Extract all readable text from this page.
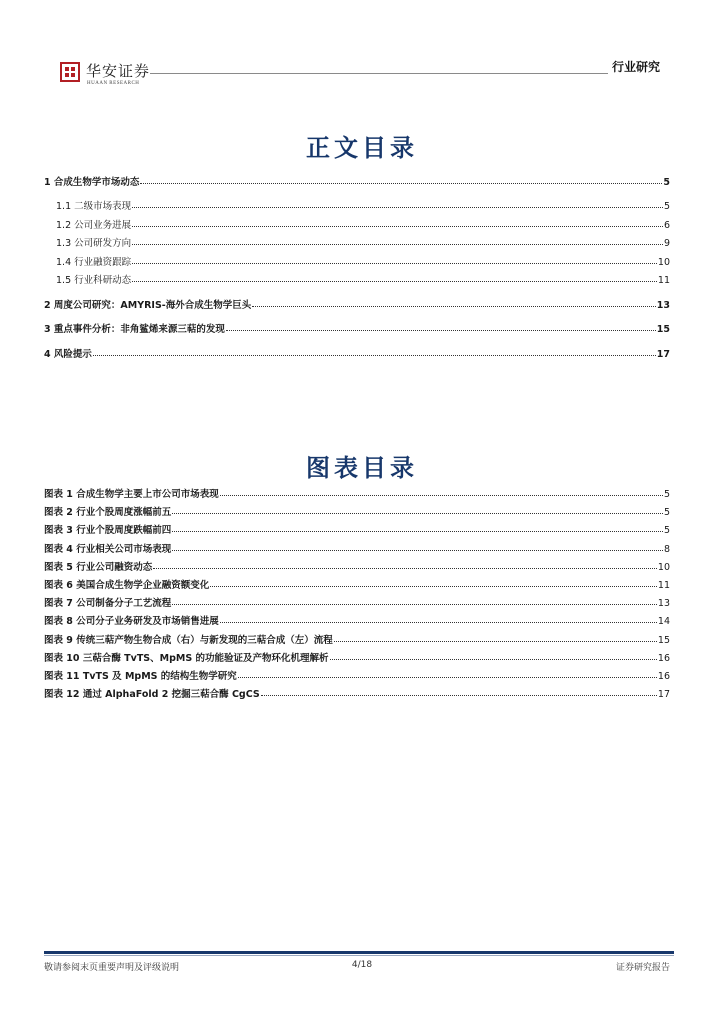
华安证券
HUAAN RESEARCH
行业研究
正文目录
1 合成生物学市场动态	5
1.1 二级市场表现	5
1.2 公司业务进展	6
1.3 公司研发方向	9
1.4 行业融资跟踪	10
1.5 行业科研动态	11
2 周度公司研究：AMYRIS-海外合成生物学巨头	13
3 重点事件分析：非角鲨烯来源三萜的发现	15
4 风险提示	17
图表目录
图表 1 合成生物学主要上市公司市场表现	5
图表 2 行业个股周度涨幅前五	5
图表 3 行业个股周度跌幅前四	5
图表 4 行业相关公司市场表现	8
图表 5 行业公司融资动态	10
图表 6 美国合成生物学企业融资额变化	11
图表 7 公司制备分子工艺流程	13
图表 8 公司分子业务研发及市场销售进展	14
图表 9 传统三萜产物生物合成（右）与新发现的三萜合成（左）流程	15
图表 10 三萜合酶 TvTS、MpMS 的功能验证及产物环化机理解析	16
图表 11 TvTS 及 MpMS 的结构生物学研究	16
图表 12 通过 AlphaFold 2 挖掘三萜合酶 CgCS	17
敬请参阅末页重要声明及评级说明	4/18	证券研究报告
